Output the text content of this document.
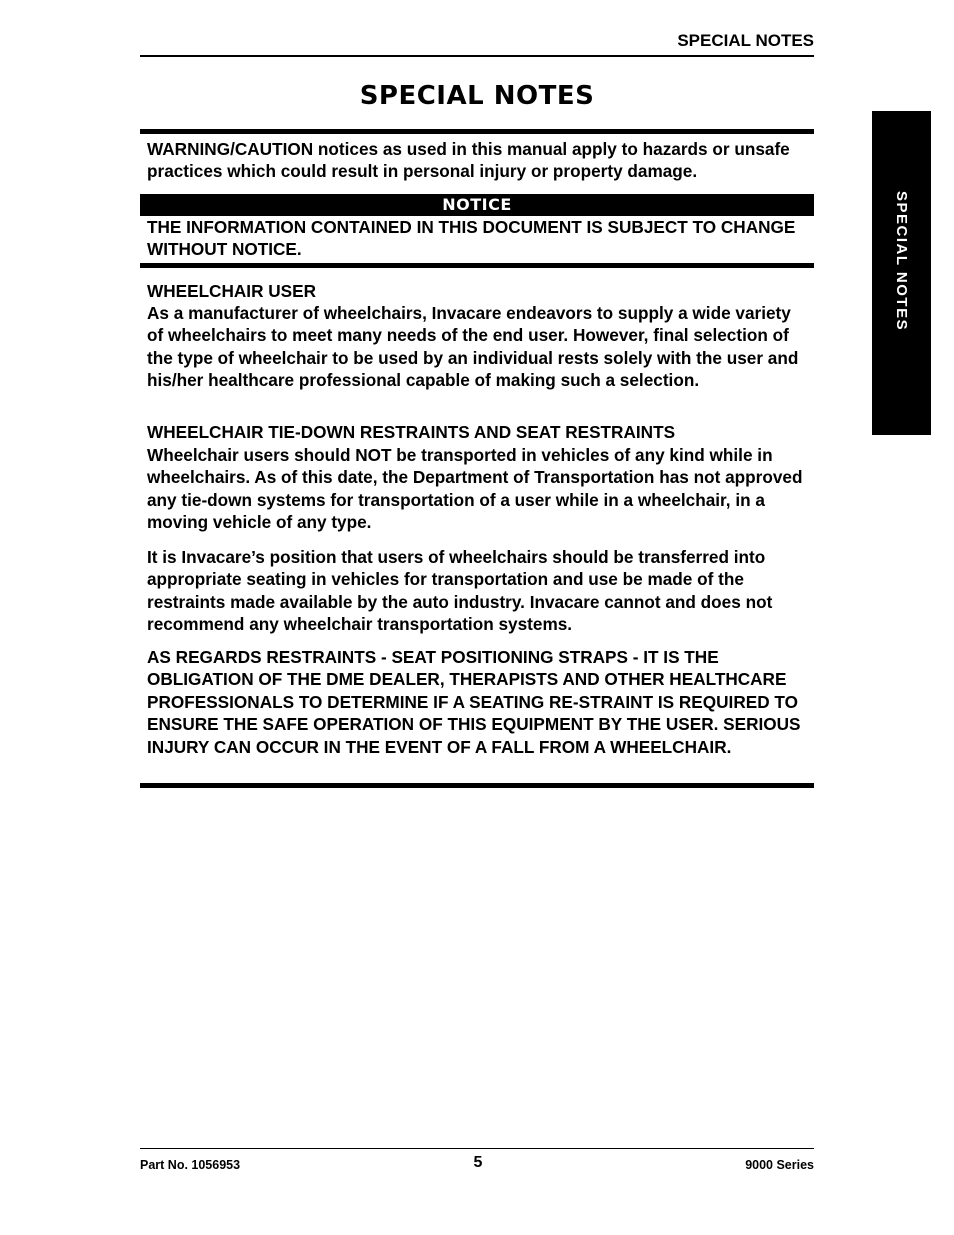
SPECIAL NOTES
SPECIAL NOTES
SPECIAL NOTES
WARNING/CAUTION notices as used in this manual apply to hazards or unsafe practices which could result in personal injury or property damage.
NOTICE
THE INFORMATION CONTAINED IN THIS DOCUMENT IS SUBJECT TO CHANGE WITHOUT NOTICE.
WHEELCHAIR USER
As a manufacturer of wheelchairs, Invacare endeavors to supply a wide variety of wheelchairs to meet many needs of the end user. However, final selection of the type of wheelchair to be used by an individual rests solely with the user and his/her healthcare professional capable of making such a selection.
WHEELCHAIR TIE-DOWN RESTRAINTS AND SEAT RESTRAINTS
Wheelchair users should NOT be transported in vehicles of any kind while in wheelchairs. As of this date, the Department of Transportation has not approved any tie-down systems for transportation of a user while in a wheelchair, in a moving vehicle of any type.
It is Invacare’s position that users of wheelchairs should be transferred into appropriate seating in vehicles for transportation and use be made of the restraints made available by the auto industry. Invacare cannot and does not recommend any wheelchair transportation systems.
AS REGARDS RESTRAINTS - SEAT POSITIONING STRAPS - IT IS THE OBLIGATION OF THE DME DEALER, THERAPISTS AND OTHER HEALTHCARE PROFESSIONALS TO DETERMINE IF A SEATING RE-STRAINT IS REQUIRED TO ENSURE THE SAFE OPERATION OF THIS EQUIPMENT BY THE USER. SERIOUS INJURY CAN OCCUR IN THE EVENT OF A FALL FROM A WHEELCHAIR.
Part No. 1056953	5	9000 Series
